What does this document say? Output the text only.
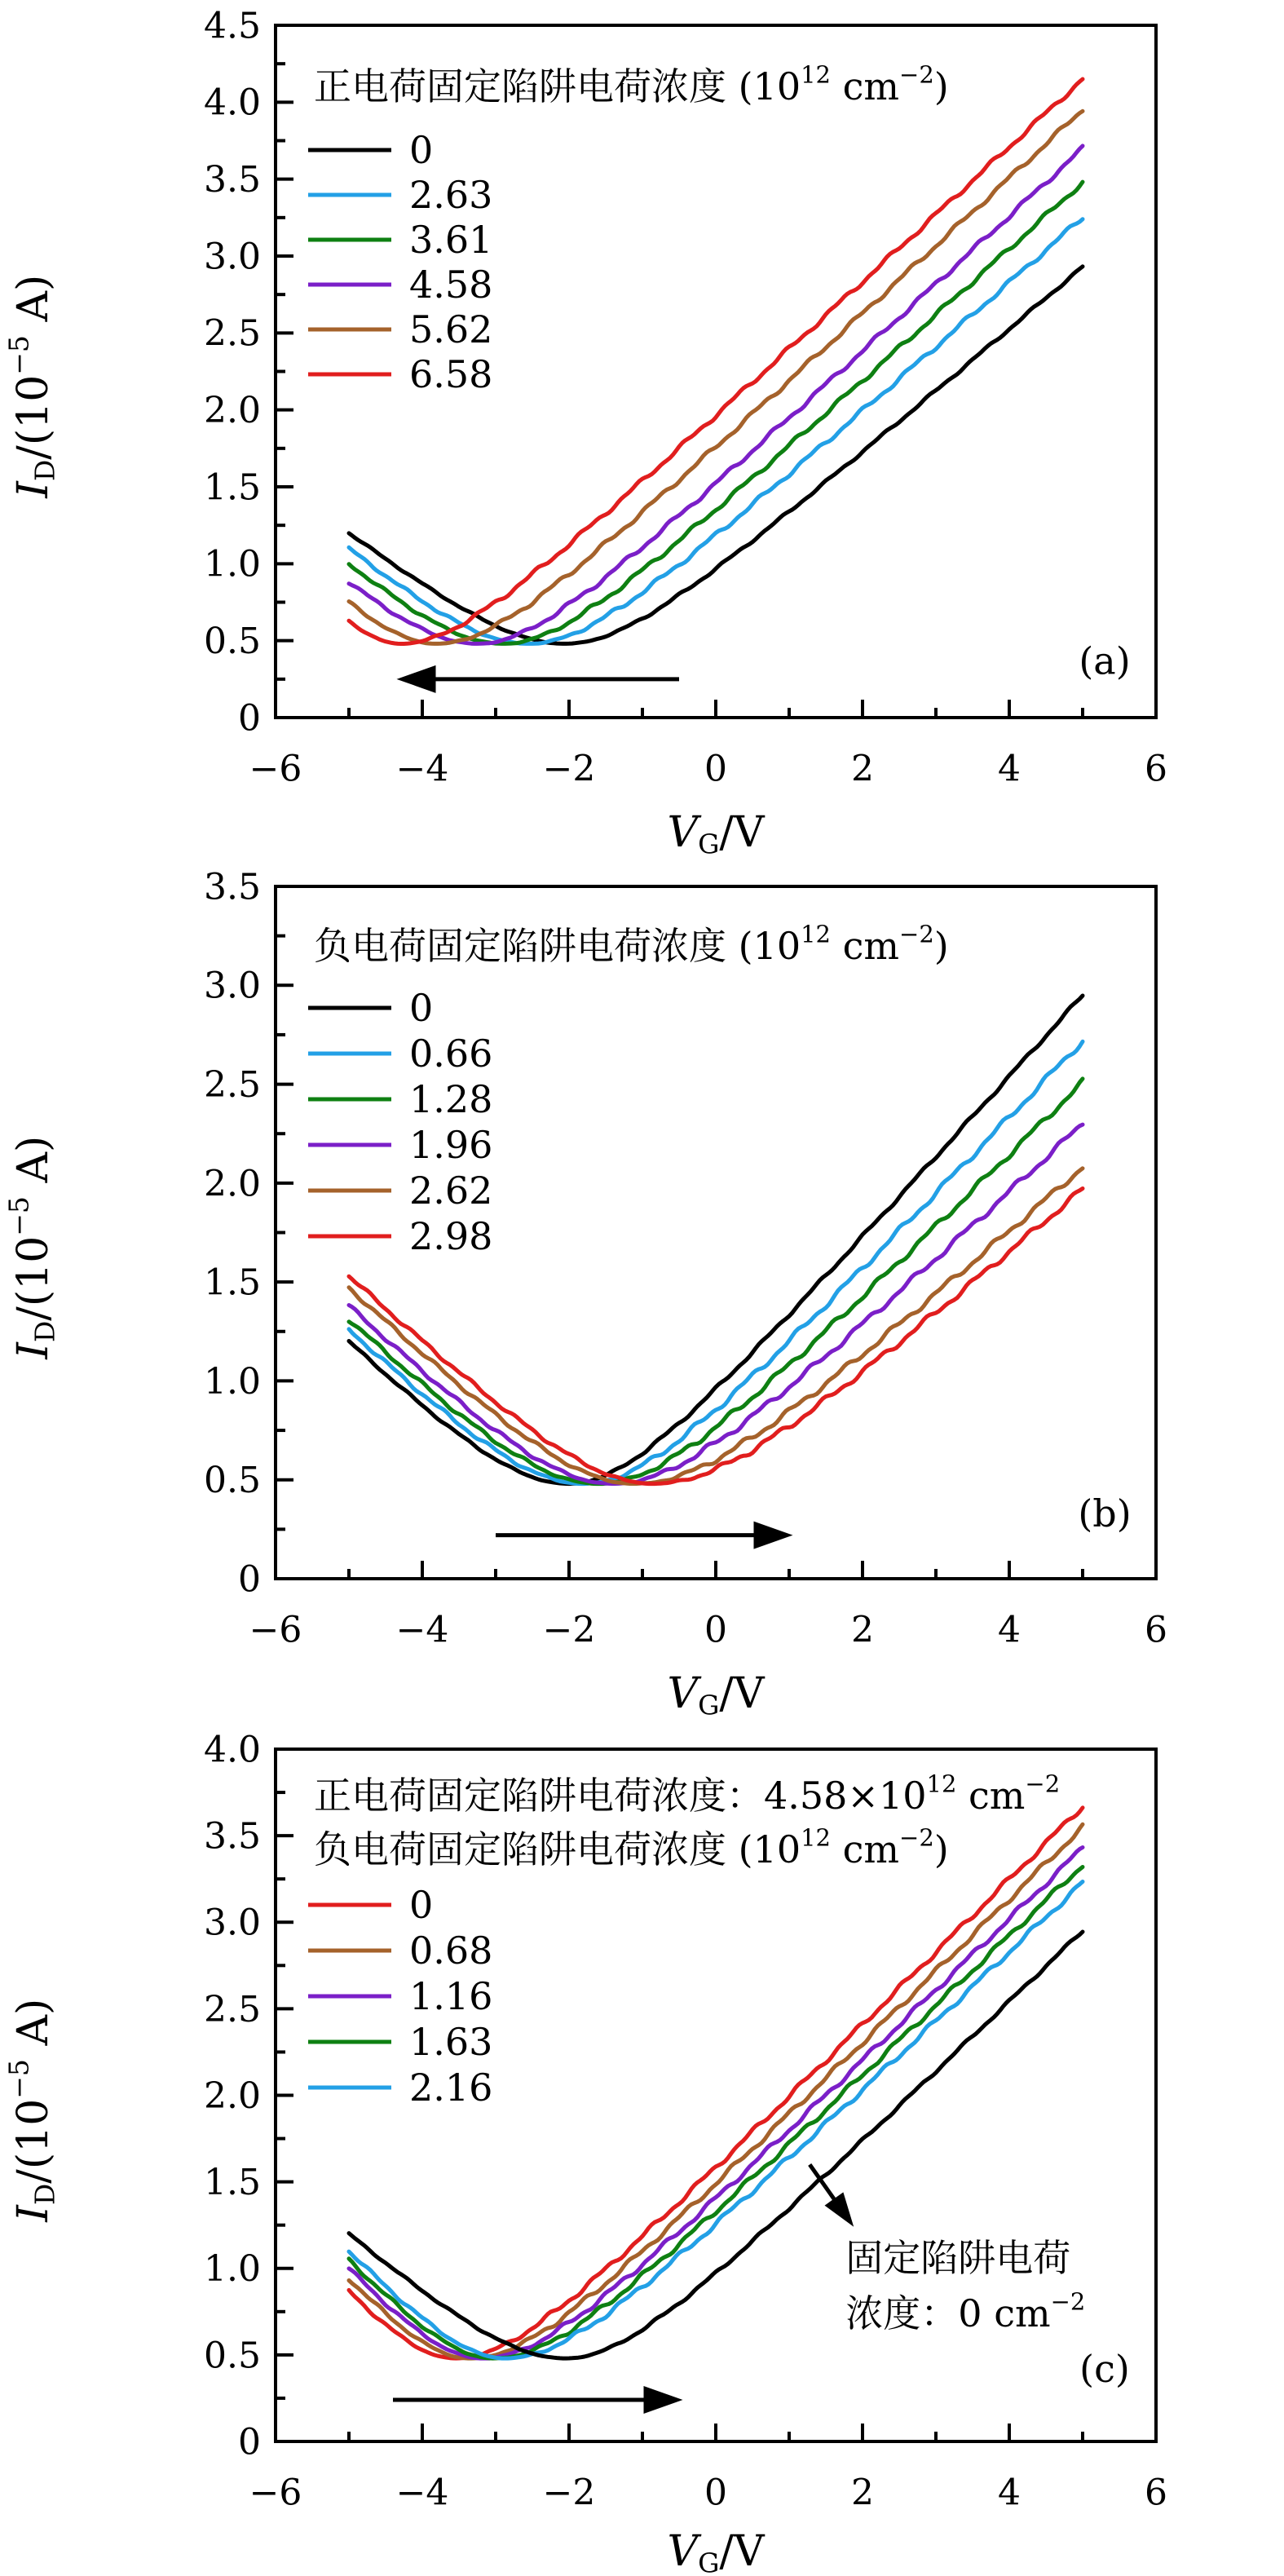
−6	−4	−2	0	2	4	6
0
0.5
1.0
1.5
2.0
2.5
3.0
3.5
4.0
4.5
正电荷固定陷阱电荷浓度 ($10^{12}$ $cm^{-2}$)
0
2.63
3.61
4.58
5.62
6.58
(a)
VG/V
$ID/(10^{-5}$ A)
−6	−4	−2	0	2	4	6
0
0.5
1.0
1.5
2.0
2.5
3.0
3.5
负电荷固定陷阱电荷浓度 ($10^{12}$ $cm^{-2}$)
0
0.66
1.28
1.96
2.62
2.98
(b)
VG/V
$ID/(10^{-5}$ A)
−6	−4	−2	0	2	4	6
0
0.5
1.0
1.5
2.0
2.5
3.0
3.5
4.0
正电荷固定陷阱电荷浓度：$4.58\times 10^{12}$ $cm^{-2}$
负电荷固定陷阱电荷浓度 ($10^{12}$ $cm^{-2}$)
0
0.68
1.16
1.63
2.16
(c)
固定陷阱电荷
浓度：0 $cm^{-2}$
VG/V
$ID/(10^{-5}$ A)
